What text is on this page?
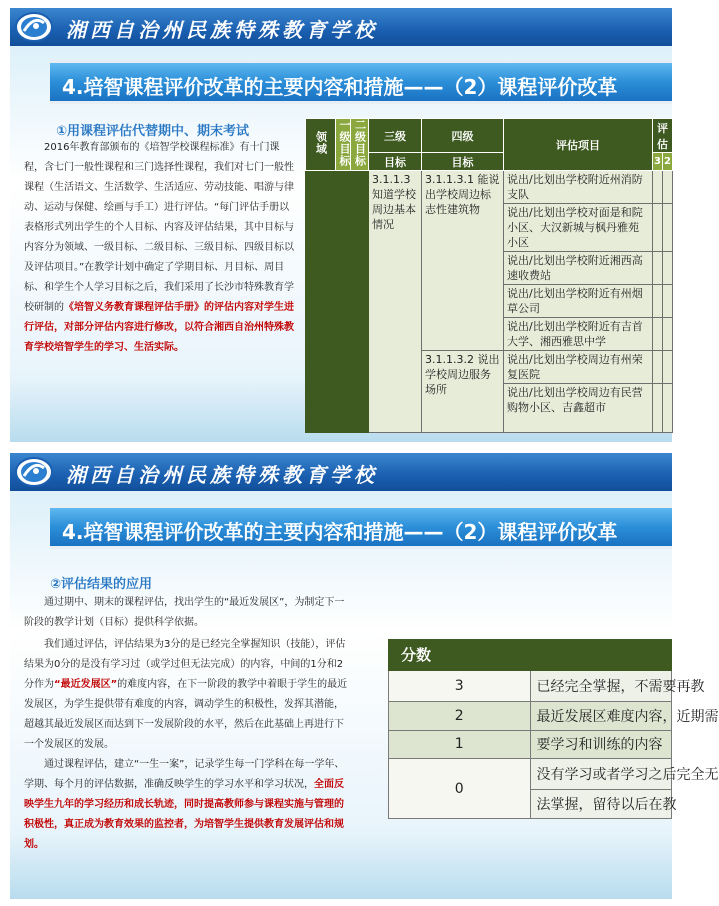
湘西自治州民族特殊教育学校
4.培智课程评价改革的主要内容和措施——（2）课程评价改革
①用课程评估代替期中、期末考试
2016年教育部颁布的《培智学校课程标准》有十门课程，含七门一般性课程和三门选择性课程，我们对七门一般性课程（生活语文、生活数学、生活适应、劳动技能、唱游与律动、运动与保健、绘画与手工）进行评估。“每门评估手册以表格形式列出学生的个人目标、内容及评估结果，其中目标与内容分为领域、一级目标、二级目标、三级目标、四级目标以及评估项目。”在教学计划中确定了学期目标、月目标、周目标、和学生个人学习目标之后，我们采用了长沙市特殊教育学校研制的《培智义务教育课程评估手册》的评估内容对学生进行评估，对部分评估内容进行修改，以符合湘西自治州特殊教育学校培智学生的学习、生活实际。
领域	一级目标	二级目标	三级	四级	评估项目	评估	
			目标	目标		3	2
			3.1.1.3 知道学校周边基本情况	3.1.1.3.1 能说出学校周边标志性建筑物	说出/比划出学校附近州消防支队		
					说出/比划出学校对面是和院小区、大汉新城与枫丹雅苑小区		
					说出/比划出学校附近湘西高速收费站		
					说出/比划出学校附近有州烟草公司		
					说出/比划出学校附近有吉首大学、湘西雅思中学		
				3.1.1.3.2 说出学校周边服务场所	说出/比划出学校周边有州荣复医院		
					说出/比划出学校周边有民营购物小区、吉鑫超市		
湘西自治州民族特殊教育学校
4.培智课程评价改革的主要内容和措施——（2）课程评价改革
②评估结果的应用
通过期中、期末的课程评估，找出学生的“最近发展区”，为制定下一阶段的教学计划（目标）提供科学依据。
我们通过评估，评估结果为3分的是已经完全掌握知识（技能），评估结果为0分的是没有学习过（或学过但无法完成）的内容，中间的1分和2分作为“最近发展区”的难度内容，在下一阶段的教学中着眼于学生的最近发展区，为学生提供带有难度的内容，调动学生的积极性，发挥其潜能，超越其最近发展区而达到下一发展阶段的水平，然后在此基础上再进行下一个发展区的发展。
通过课程评估，建立“一生一案”，记录学生每一门学科在每一学年、学期、每个月的评估数据，准确反映学生的学习水平和学习状况，全面反映学生九年的学习经历和成长轨迹，同时提高教师参与课程实施与管理的积极性，真正成为教育效果的监控者，为培智学生提供教育发展评估和规划。
分数	
3	已经完全掌握，不需要再教
2	最近发展区难度内容，近期需
1	要学习和训练的内容
0	没有学习或者学习之后完全无
	法掌握，留待以后在教
